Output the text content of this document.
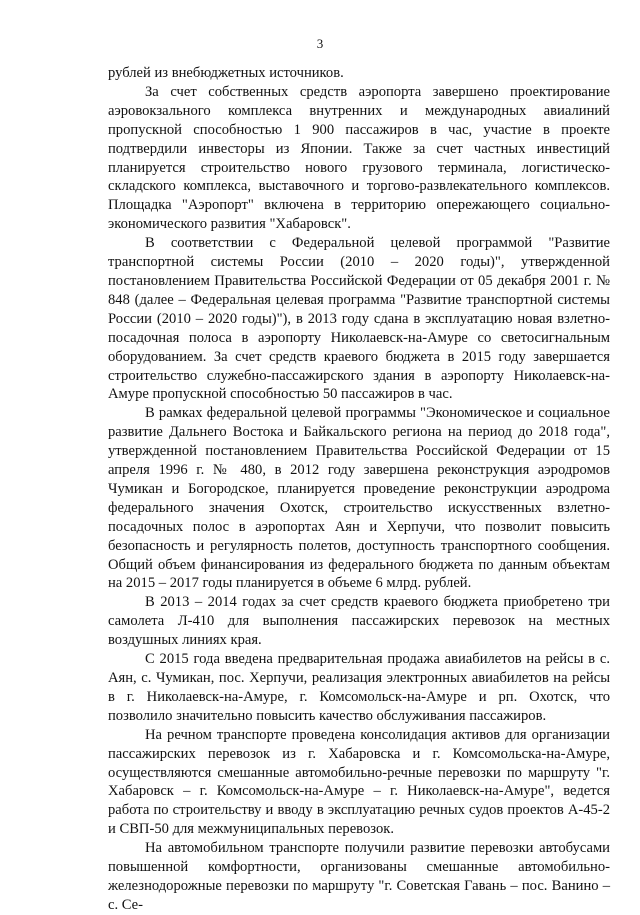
3

рублей из внебюджетных источников.

За счет собственных средств аэропорта завершено проектирование аэровокзального комплекса внутренних и международных авиалиний пропускной способностью 1 900 пассажиров в час, участие в проекте подтвердили инвесторы из Японии. Также за счет частных инвестиций планируется строительство нового грузового терминала, логистическо-складского комплекса, выставочного и торгово-развлекательного комплексов. Площадка "Аэропорт" включена в территорию опережающего социально-экономического развития "Хабаровск".

В соответствии с Федеральной целевой программой "Развитие транспортной системы России (2010 – 2020 годы)", утвержденной постановлением Правительства Российской Федерации от 05 декабря 2001 г. № 848 (далее – Федеральная целевая программа "Развитие транспортной системы России (2010 – 2020 годы)"), в 2013 году сдана в эксплуатацию новая взлетно-посадочная полоса в аэропорту Николаевск-на-Амуре со светосигнальным оборудованием. За счет средств краевого бюджета в 2015 году завершается строительство служебно-пассажирского здания в аэропорту Николаевск-на-Амуре пропускной способностью 50 пассажиров в час.

В рамках федеральной целевой программы "Экономическое и социальное развитие Дальнего Востока и Байкальского региона на период до 2018 года", утвержденной постановлением Правительства Российской Федерации от 15 апреля 1996 г. № 480, в 2012 году завершена реконструкция аэродромов Чумикан и Богородское, планируется проведение реконструкции аэродрома федерального значения Охотск, строительство искусственных взлетно-посадочных полос в аэропортах Аян и Херпучи, что позволит повысить безопасность и регулярность полетов, доступность транспортного сообщения. Общий объем финансирования из федерального бюджета по данным объектам на 2015 – 2017 годы планируется в объеме 6 млрд. рублей.

В 2013 – 2014 годах за счет средств краевого бюджета приобретено три самолета Л-410 для выполнения пассажирских перевозок на местных воздушных линиях края.

С 2015 года введена предварительная продажа авиабилетов на рейсы в с. Аян, с. Чумикан, пос. Херпучи, реализация электронных авиабилетов на рейсы в г. Николаевск-на-Амуре, г. Комсомольск-на-Амуре и рп. Охотск, что позволило значительно повысить качество обслуживания пассажиров.

На речном транспорте проведена консолидация активов для организации пассажирских перевозок из г. Хабаровска и г. Комсомольска-на-Амуре, осуществляются смешанные автомобильно-речные перевозки по маршруту "г. Хабаровск – г. Комсомольск-на-Амуре – г. Николаевск-на-Амуре", ведется работа по строительству и вводу в эксплуатацию речных судов проектов А-45-2 и СВП-50 для межмуниципальных перевозок.

На автомобильном транспорте получили развитие перевозки автобусами повышенной комфортности, организованы смешанные автомобильно-железнодорожные перевозки по маршруту "г. Советская Гавань – пос. Ванино – с. Се-
